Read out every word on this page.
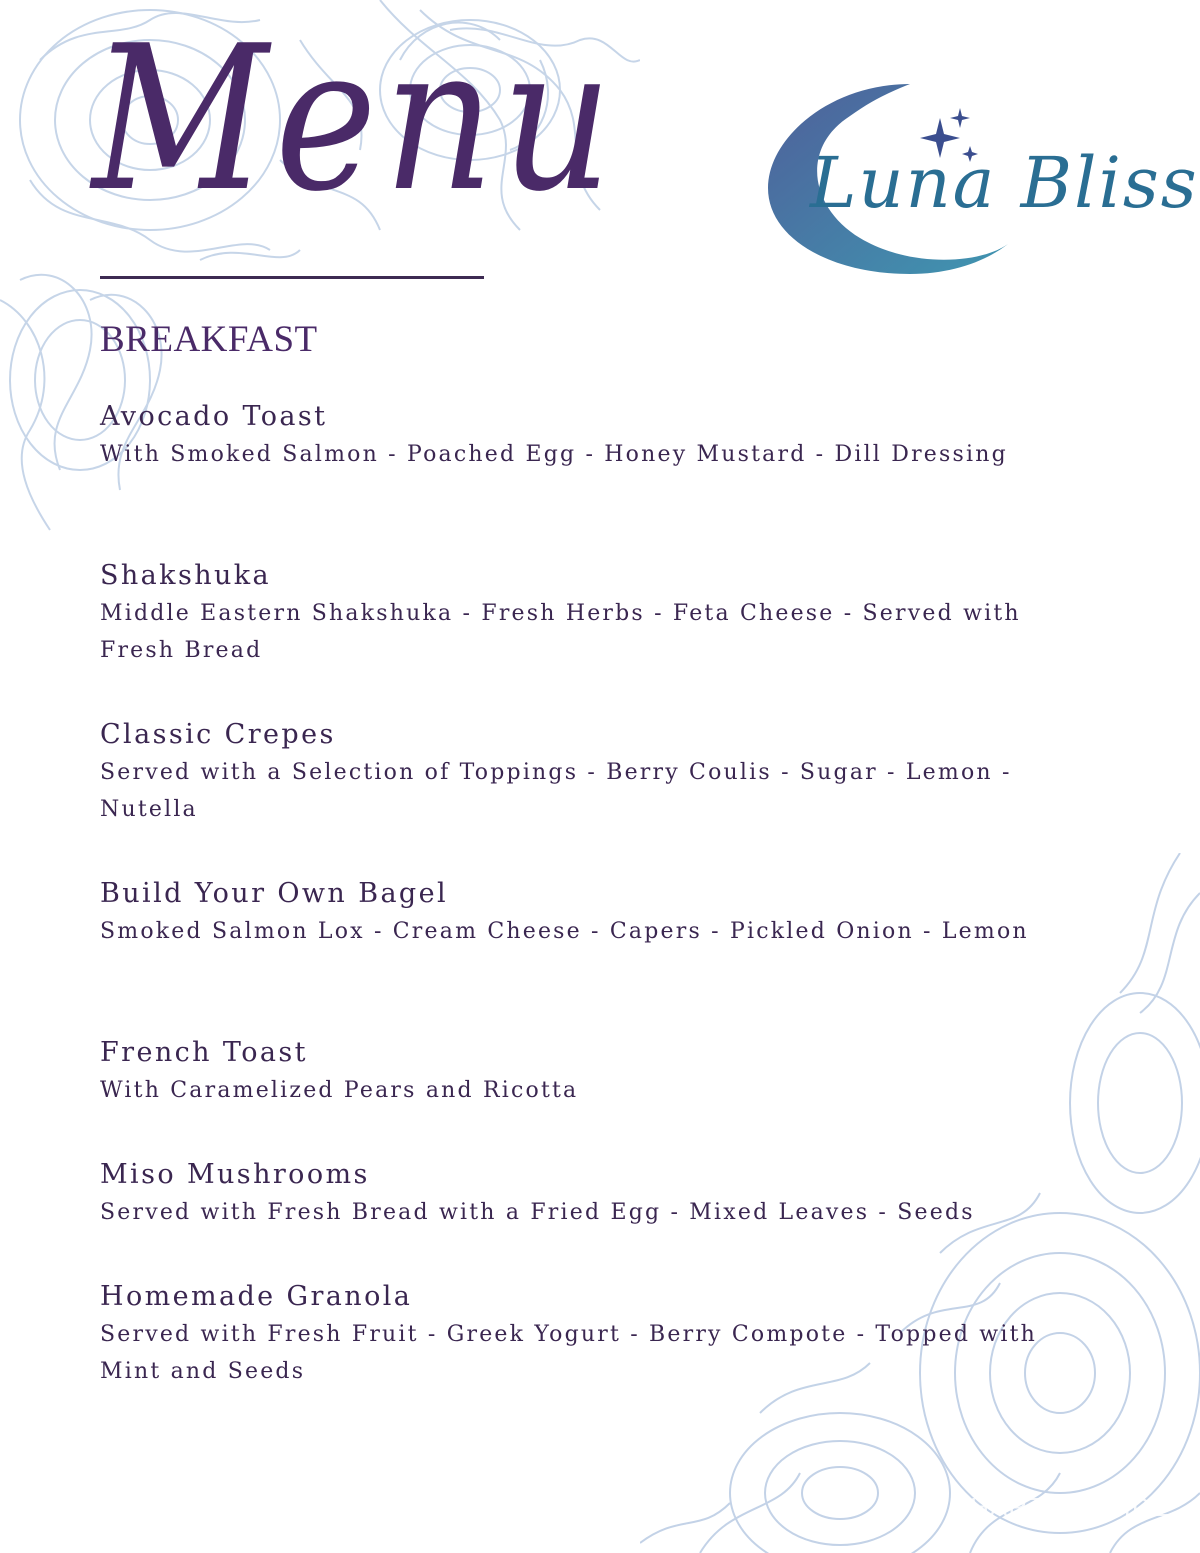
Menu	Luna Bliss
BREAKFAST
Avocado Toast
With Smoked Salmon - Poached Egg - Honey Mustard - Dill Dressing
Shakshuka
Middle Eastern Shakshuka - Fresh Herbs - Feta Cheese - Served with Fresh Bread
Classic Crepes
Served with a Selection of Toppings - Berry Coulis - Sugar - Lemon - Nutella
Build Your Own Bagel
Smoked Salmon Lox - Cream Cheese - Capers - Pickled Onion - Lemon
French Toast
With Caramelized Pears and Ricotta
Miso Mushrooms
Served with Fresh Bread with a Fried Egg - Mixed Leaves - Seeds
Homemade Granola
Served with Fresh Fruit - Greek Yogurt - Berry Compote - Topped with Mint and Seeds
CHARTERGUIDE
